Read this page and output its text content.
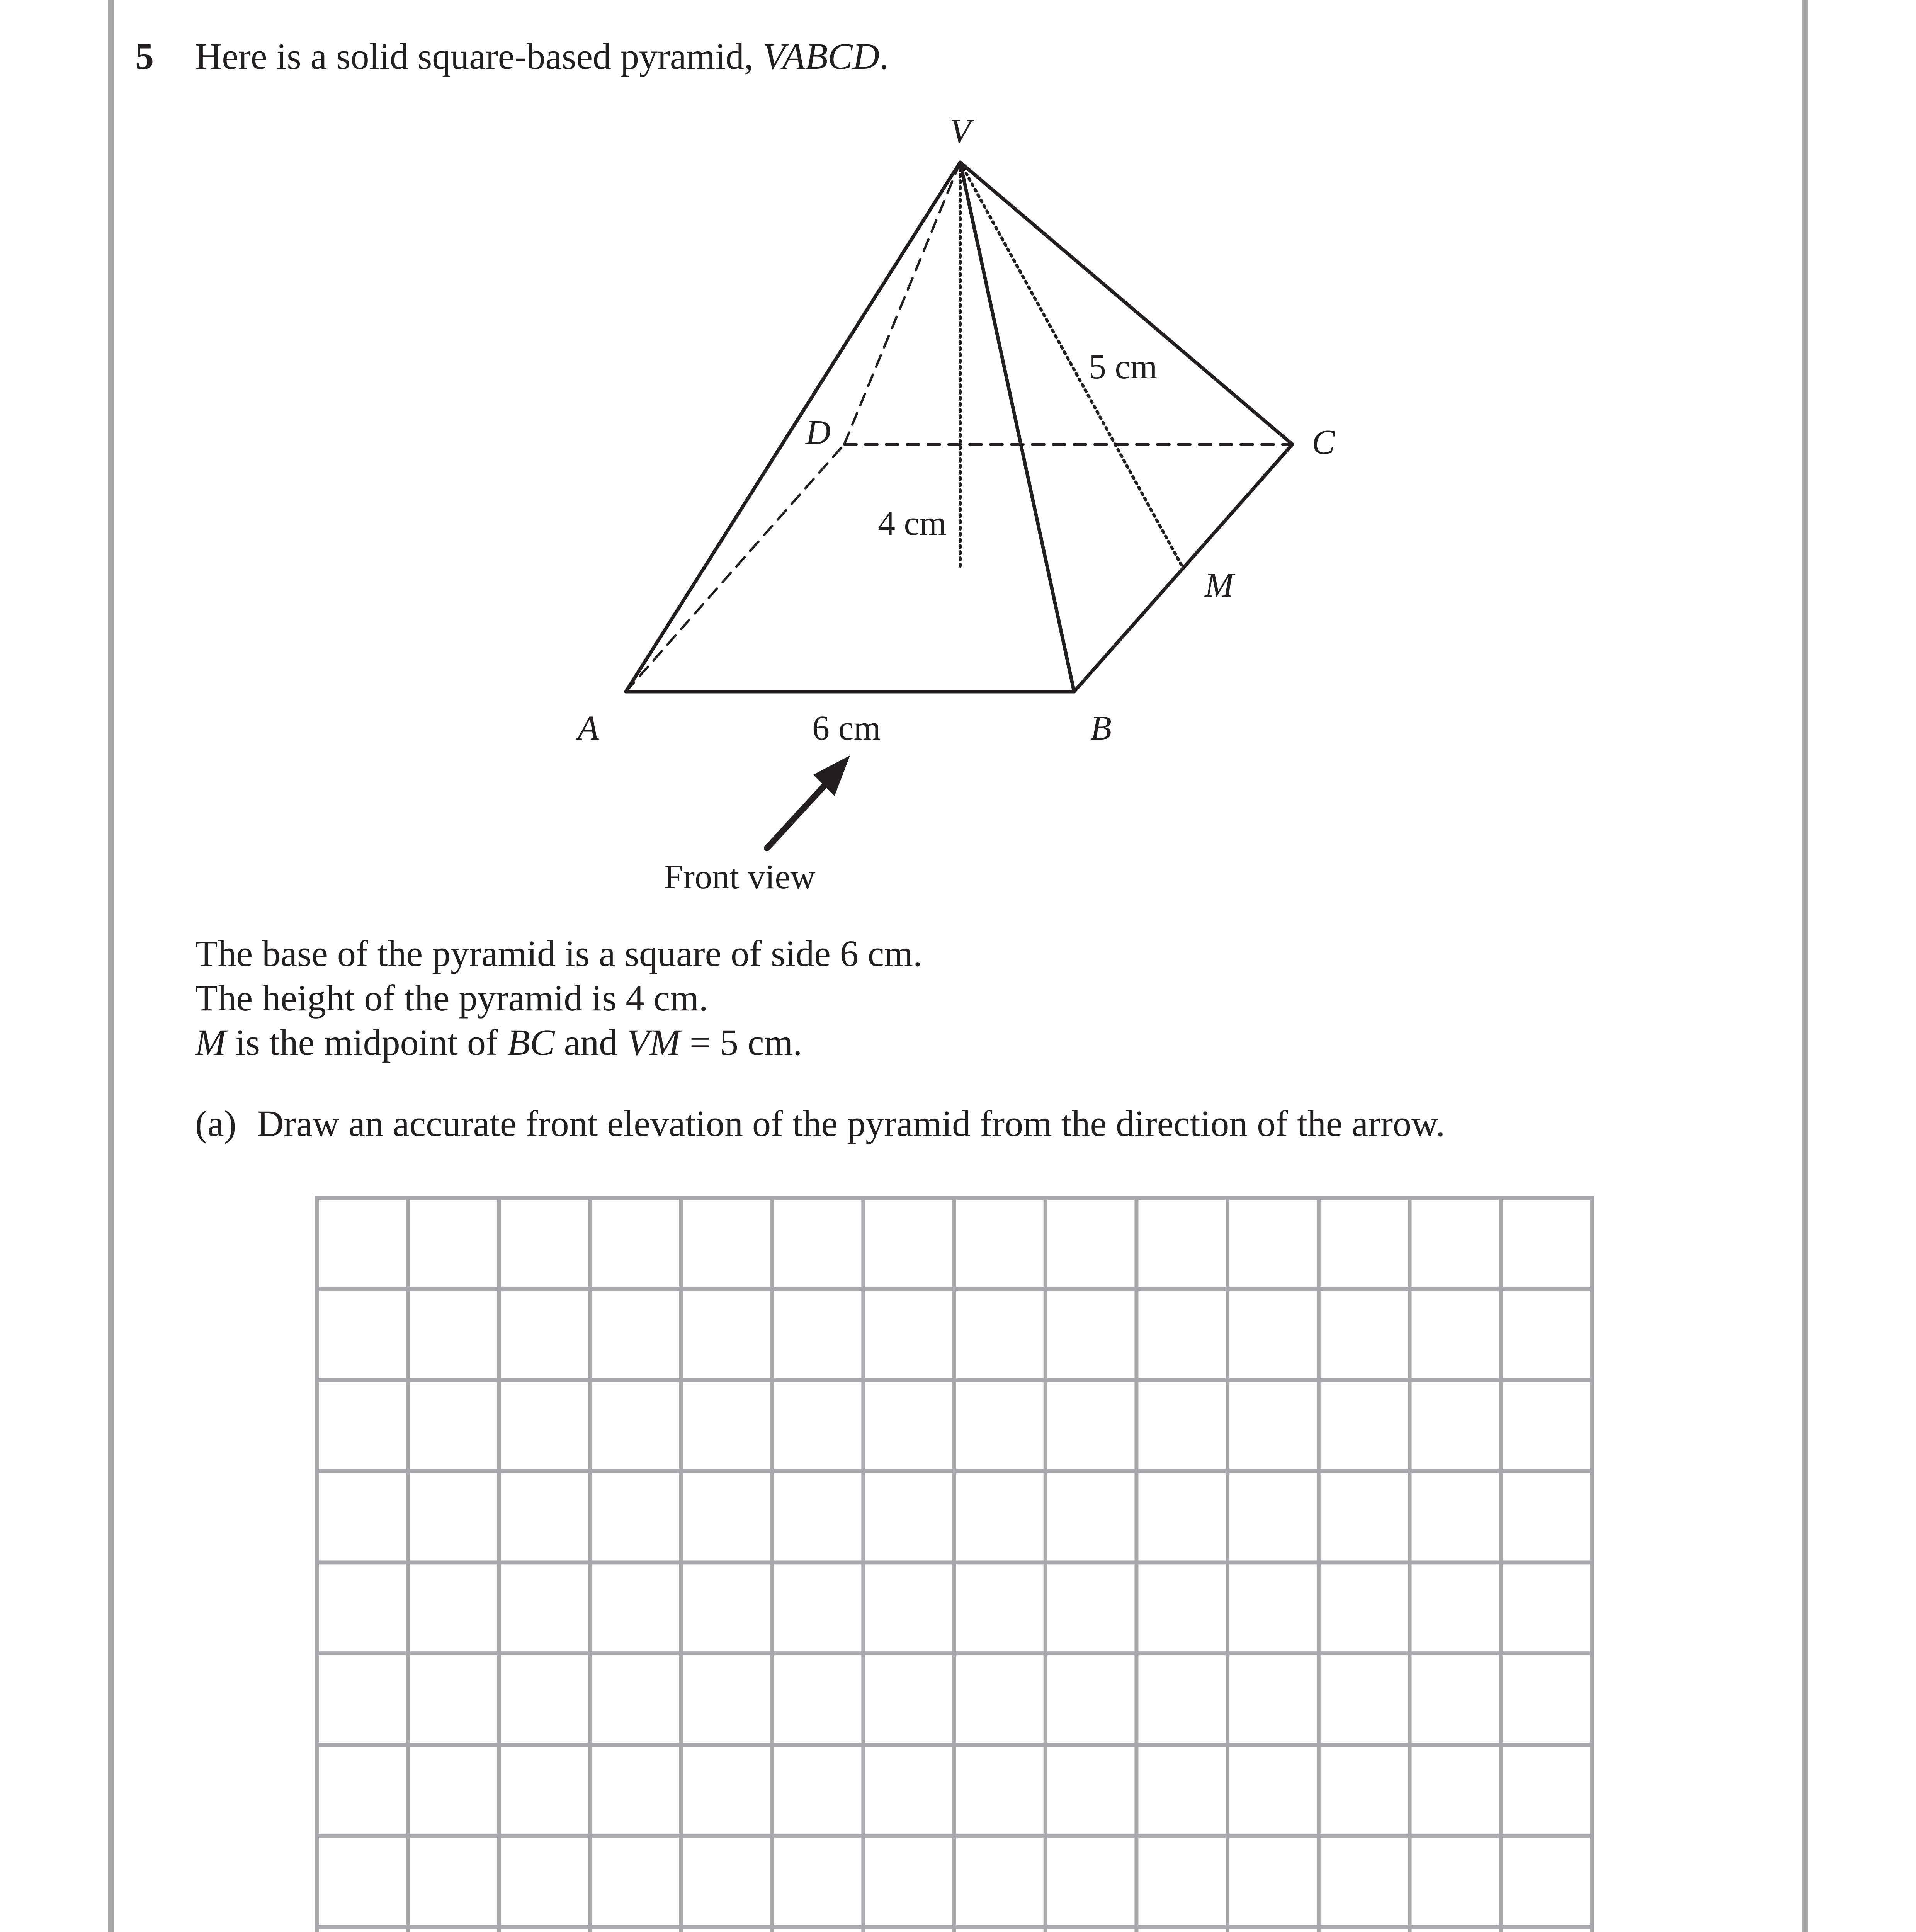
5 Here is a solid square-based pyramid, VABCD.
V
D	C
M
A	B
5 cm
4 cm
6 cm
Front view
The base of the pyramid is a square of side 6 cm.
The height of the pyramid is 4 cm.
M is the midpoint of BC and VM = 5 cm.
(a) Draw an accurate front elevation of the pyramid from the direction of the arrow.
